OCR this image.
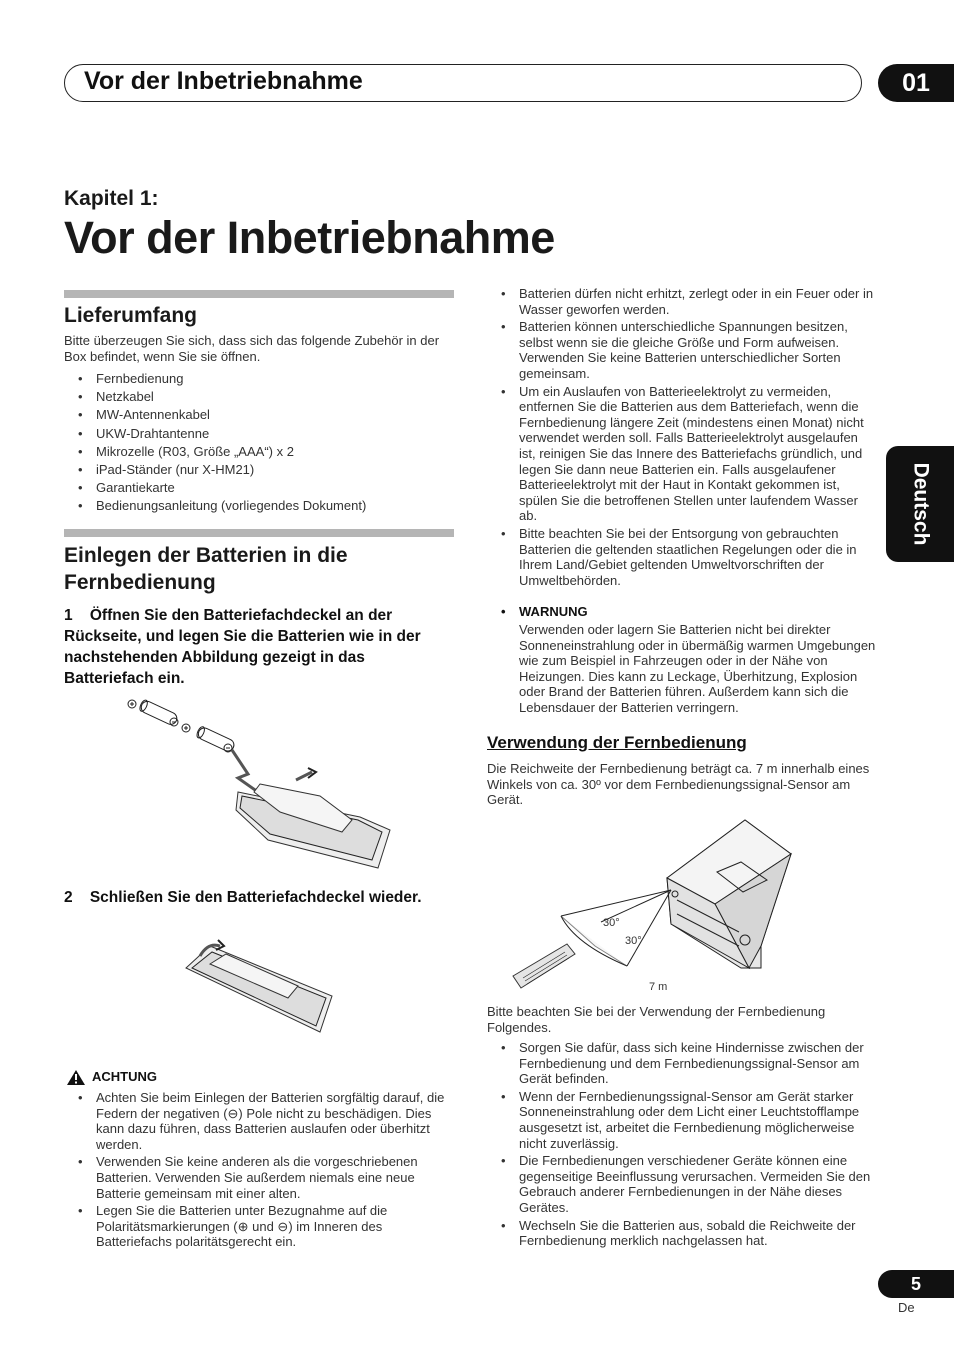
Vor der Inbetriebnahme	01
Kapitel 1:
Vor der Inbetriebnahme
Deutsch
Lieferumfang
Bitte überzeugen Sie sich, dass sich das folgende Zubehör in der Box befindet, wenn Sie sie öffnen.
• Fernbedienung
• Netzkabel
• MW-Antennenkabel
• UKW-Drahtantenne
• Mikrozelle (R03, Größe „AAA“) x 2
• iPad-Ständer (nur X-HM21)
• Garantiekarte
• Bedienungsanleitung (vorliegendes Dokument)
Einlegen der Batterien in die Fernbedienung
1    Öffnen Sie den Batteriefachdeckel an der Rückseite, und legen Sie die Batterien wie in der nachstehenden Abbildung gezeigt in das Batteriefach ein.
2    Schließen Sie den Batteriefachdeckel wieder.
ACHTUNG
• Achten Sie beim Einlegen der Batterien sorgfältig darauf, die Federn der negativen (⊖) Pole nicht zu beschädigen. Dies kann dazu führen, dass Batterien auslaufen oder überhitzt werden.
• Verwenden Sie keine anderen als die vorgeschriebenen Batterien. Verwenden Sie außerdem niemals eine neue Batterie gemeinsam mit einer alten.
• Legen Sie die Batterien unter Bezugnahme auf die Polaritätsmarkierungen (⊕ und ⊖) im Inneren des Batteriefachs polaritätsgerecht ein.
• Batterien dürfen nicht erhitzt, zerlegt oder in ein Feuer oder in Wasser geworfen werden.
• Batterien können unterschiedliche Spannungen besitzen, selbst wenn sie die gleiche Größe und Form aufweisen. Verwenden Sie keine Batterien unterschiedlicher Sorten gemeinsam.
• Um ein Auslaufen von Batterieelektrolyt zu vermeiden, entfernen Sie die Batterien aus dem Batteriefach, wenn die Fernbedienung längere Zeit (mindestens einen Monat) nicht verwendet werden soll. Falls Batterieelektrolyt ausgelaufen ist, reinigen Sie das Innere des Batteriefachs gründlich, und legen Sie dann neue Batterien ein. Falls ausgelaufener Batterieelektrolyt mit der Haut in Kontakt gekommen ist, spülen Sie die betroffenen Stellen unter laufendem Wasser ab.
• Bitte beachten Sie bei der Entsorgung von gebrauchten Batterien die geltenden staatlichen Regelungen oder die in Ihrem Land/Gebiet geltenden Umweltvorschriften der Umweltbehörden.
• WARNUNG
Verwenden oder lagern Sie Batterien nicht bei direkter Sonneneinstrahlung oder in übermäßig warmen Umgebungen wie zum Beispiel in Fahrzeugen oder in der Nähe von Heizungen. Dies kann zu Leckage, Überhitzung, Explosion oder Brand der Batterien führen. Außerdem kann sich die Lebensdauer der Batterien verringern.
Verwendung der Fernbedienung
Die Reichweite der Fernbedienung beträgt ca. 7 m innerhalb eines Winkels von ca. 30º vor dem Fernbedienungssignal-Sensor am Gerät.
30°
30°
7 m
Bitte beachten Sie bei der Verwendung der Fernbedienung Folgendes.
• Sorgen Sie dafür, dass sich keine Hindernisse zwischen der Fernbedienung und dem Fernbedienungssignal-Sensor am Gerät befinden.
• Wenn der Fernbedienungssignal-Sensor am Gerät starker Sonneneinstrahlung oder dem Licht einer Leuchtstofflampe ausgesetzt ist, arbeitet die Fernbedienung möglicherweise nicht zuverlässig.
• Die Fernbedienungen verschiedener Geräte können eine gegenseitige Beeinflussung verursachen. Vermeiden Sie den Gebrauch anderer Fernbedienungen in der Nähe dieses Gerätes.
• Wechseln Sie die Batterien aus, sobald die Reichweite der Fernbedienung merklich nachgelassen hat.
5
De
